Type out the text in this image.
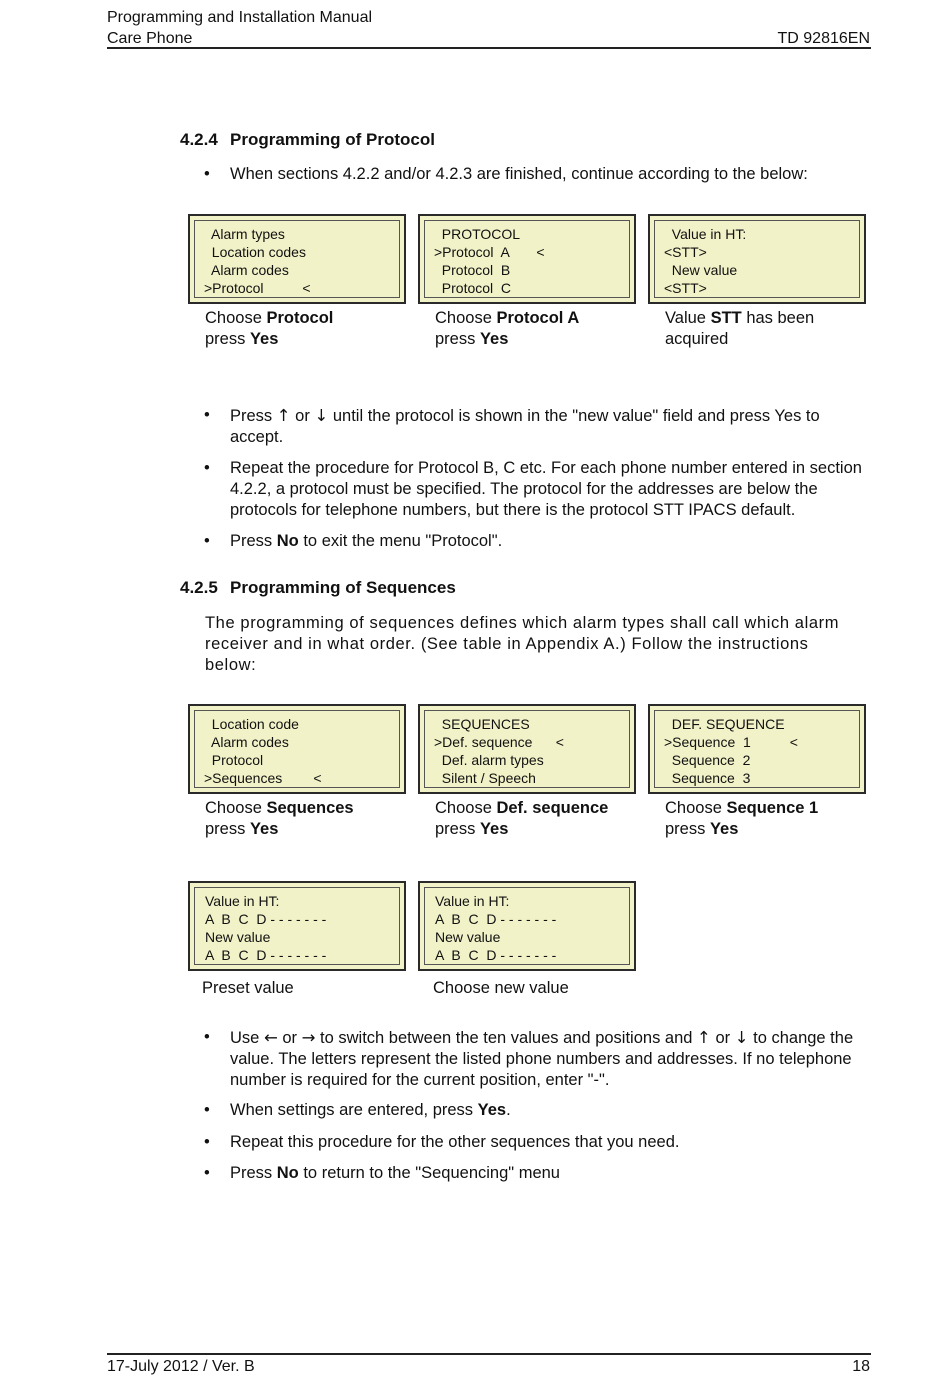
Programming and Installation Manual
Care Phone	TD 92816EN
4.2.4 Programming of Protocol
• When sections 4.2.2 and/or 4.2.3 are finished, continue according to the below:
Alarm types
Location codes
Alarm codes
>Protocol          <
PROTOCOL
>Protocol  A       <
Protocol  B
Protocol  C
Value in HT:
<STT>
New value
<STT>
Choose Protocol
press Yes
Choose Protocol A
press Yes
Value STT has been
acquired
• Press ↑ or ↓ until the protocol is shown in the "new value" field and press Yes to
accept.
• Repeat the procedure for Protocol B, C etc. For each phone number entered in section
4.2.2, a protocol must be specified. The protocol for the addresses are below the
protocols for telephone numbers, but there is the protocol STT IPACS default.
• Press No to exit the menu "Protocol".
4.2.5 Programming of Sequences
The programming of sequences defines which alarm types shall call which alarm
receiver and in what order. (See table in Appendix A.) Follow the instructions
below:
Location code
Alarm codes
Protocol
>Sequences        <
SEQUENCES
>Def. sequence      <
Def. alarm types
Silent / Speech
DEF. SEQUENCE
>Sequence  1          <
Sequence  2
Sequence  3
Choose Sequences
press Yes
Choose Def. sequence
press Yes
Choose Sequence 1
press Yes
Value in HT:
A  B  C  D - - - - - - -
New value
A  B  C  D - - - - - - -
Value in HT:
A  B  C  D - - - - - - -
New value
A  B  C  D - - - - - - -
Preset value	Choose new value
• Use ← or → to switch between the ten values and positions and ↑ or ↓ to change the
value. The letters represent the listed phone numbers and addresses. If no telephone
number is required for the current position, enter "-".
• When settings are entered, press Yes.
• Repeat this procedure for the other sequences that you need.
• Press No to return to the "Sequencing" menu
17-July 2012 / Ver. B	18
